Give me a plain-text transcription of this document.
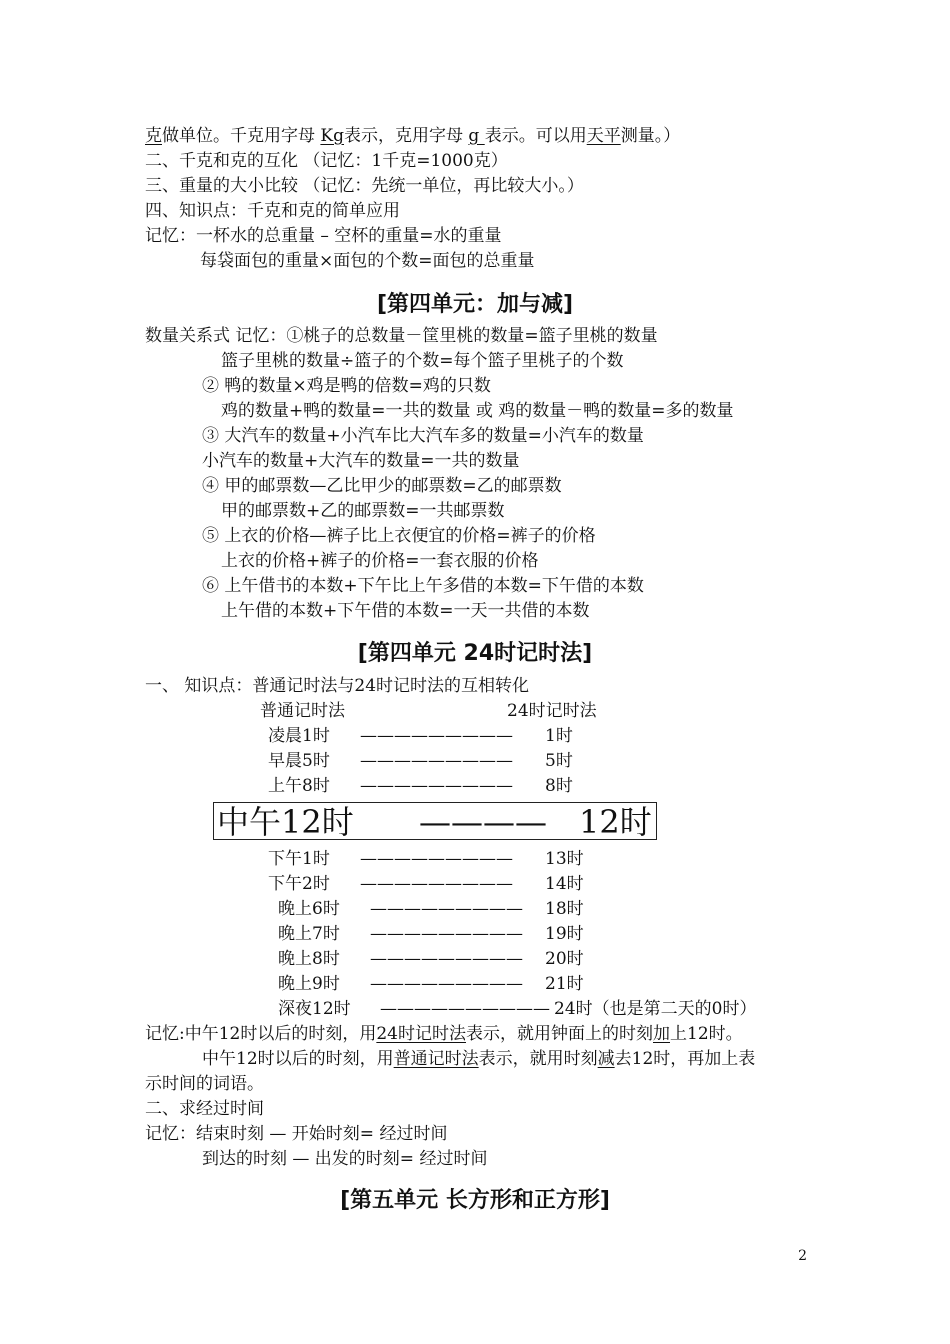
克做单位。千克用字母 Kg表示，克用字母 g 表示。可以用天平测量。）
二、千克和克的互化 （记忆：1千克=1000克）
三、重量的大小比较 （记忆：先统一单位，再比较大小。）
四、知识点：千克和克的简单应用
记忆：一杯水的总重量 – 空杯的重量=水的重量
每袋面包的重量×面包的个数=面包的总重量
[第四单元：加与减]
数量关系式 记忆：①桃子的总数量－筐里桃的数量=篮子里桃的数量
篮子里桃的数量÷篮子的个数=每个篮子里桃子的个数
② 鸭的数量×鸡是鸭的倍数=鸡的只数
鸡的数量+鸭的数量=一共的数量 或 鸡的数量－鸭的数量=多的数量
③ 大汽车的数量+小汽车比大汽车多的数量=小汽车的数量
小汽车的数量+大汽车的数量=一共的数量
④ 甲的邮票数—乙比甲少的邮票数=乙的邮票数
甲的邮票数+乙的邮票数=一共邮票数
⑤ 上衣的价格—裤子比上衣便宜的价格=裤子的价格
上衣的价格+裤子的价格=一套衣服的价格
⑥ 上午借书的本数+下午比上午多借的本数=下午借的本数
上午借的本数+下午借的本数=一天一共借的本数
[第四单元 24时记时法]
一、 知识点：普通记时法与24时记时法的互相转化
普通记时法	24时记时法
凌晨1时 ————————— 1时
早晨5时 ————————— 5时
上午8时 ————————— 8时
中午12时 ———— 12时
下午1时 ————————— 13时
下午2时 ————————— 14时
晚上6时 ————————— 18时
晚上7时 ————————— 19时
晚上8时 ————————— 20时
晚上9时 ————————— 21时
深夜12时 —————————— 24时（也是第二天的0时）
记忆:中午12时以后的时刻，用24时记时法表示，就用钟面上的时刻加上12时。
中午12时以后的时刻，用普通记时法表示，就用时刻减去12时，再加上表
示时间的词语。
二、求经过时间
记忆：结束时刻 — 开始时刻= 经过时间
到达的时刻 — 出发的时刻= 经过时间
[第五单元 长方形和正方形]
2
